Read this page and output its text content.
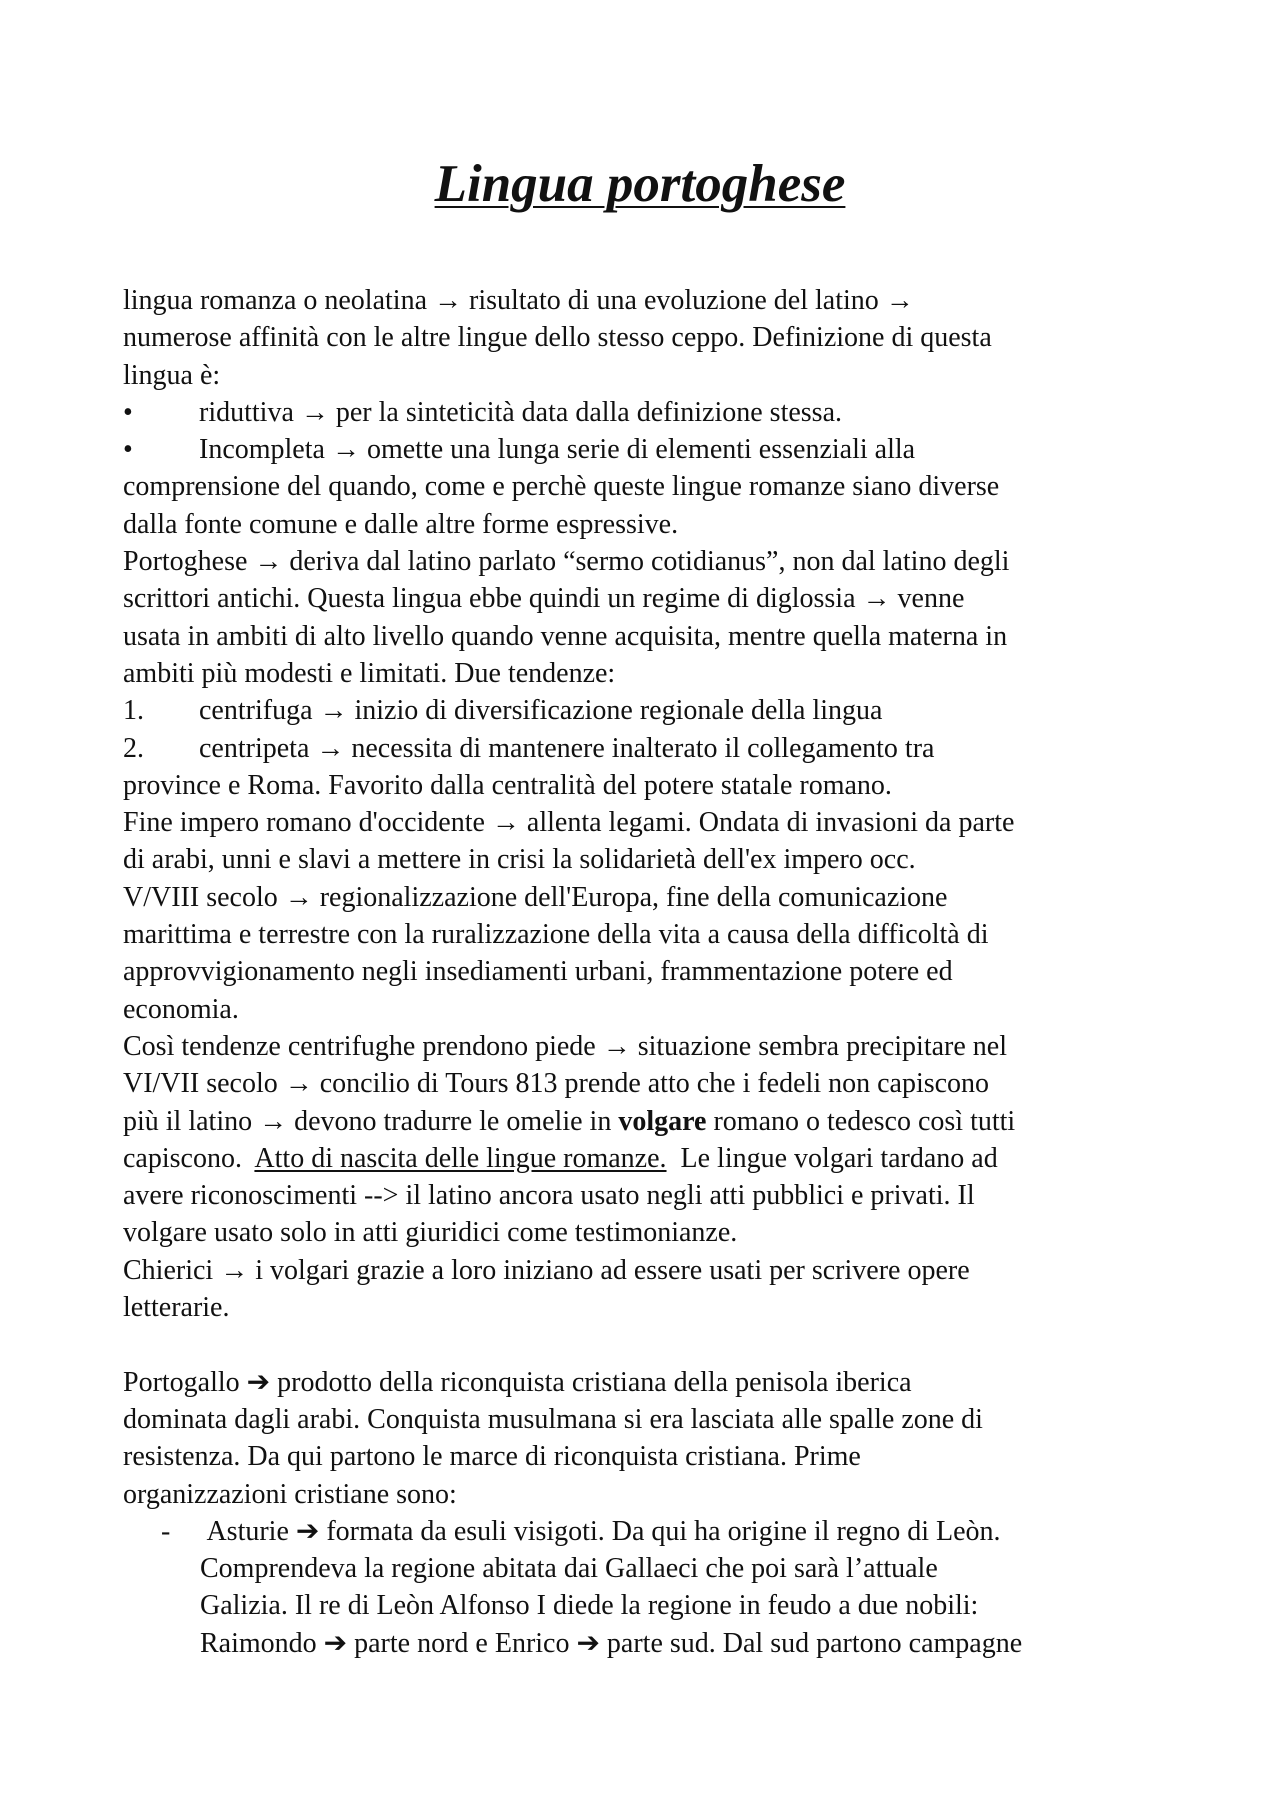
Lingua portoghese
lingua romanza o neolatina → risultato di una evoluzione del latino →
numerose affinità con le altre lingue dello stesso ceppo. Definizione di questa
lingua è:
• riduttiva → per la sinteticità data dalla definizione stessa.
• Incompleta → omette una lunga serie di elementi essenziali alla
comprensione del quando, come e perchè queste lingue romanze siano diverse
dalla fonte comune e dalle altre forme espressive.
Portoghese → deriva dal latino parlato “sermo cotidianus”, non dal latino degli
scrittori antichi. Questa lingua ebbe quindi un regime di diglossia → venne
usata in ambiti di alto livello quando venne acquisita, mentre quella materna in
ambiti più modesti e limitati. Due tendenze:
1. centrifuga → inizio di diversificazione regionale della lingua
2. centripeta → necessita di mantenere inalterato il collegamento tra
province e Roma. Favorito dalla centralità del potere statale romano.
Fine impero romano d'occidente → allenta legami. Ondata di invasioni da parte
di arabi, unni e slavi a mettere in crisi la solidarietà dell'ex impero occ.
V/VIII secolo → regionalizzazione dell'Europa, fine della comunicazione
marittima e terrestre con la ruralizzazione della vita a causa della difficoltà di
approvvigionamento negli insediamenti urbani, frammentazione potere ed
economia.
Così tendenze centrifughe prendono piede → situazione sembra precipitare nel
VI/VII secolo → concilio di Tours 813 prende atto che i fedeli non capiscono
più il latino → devono tradurre le omelie in volgare romano o tedesco così tutti
capiscono.  Atto di nascita delle lingue romanze.  Le lingue volgari tardano ad
avere riconoscimenti --> il latino ancora usato negli atti pubblici e privati. Il
volgare usato solo in atti giuridici come testimonianze.
Chierici → i volgari grazie a loro iniziano ad essere usati per scrivere opere
letterarie.
Portogallo ➔ prodotto della riconquista cristiana della penisola iberica
dominata dagli arabi. Conquista musulmana si era lasciata alle spalle zone di
resistenza. Da qui partono le marce di riconquista cristiana. Prime
organizzazioni cristiane sono:
- Asturie ➔ formata da esuli visigoti. Da qui ha origine il regno di Leòn.
Comprendeva la regione abitata dai Gallaeci che poi sarà l’attuale
Galizia. Il re di Leòn Alfonso I diede la regione in feudo a due nobili:
Raimondo ➔ parte nord e Enrico ➔ parte sud. Dal sud partono campagne
